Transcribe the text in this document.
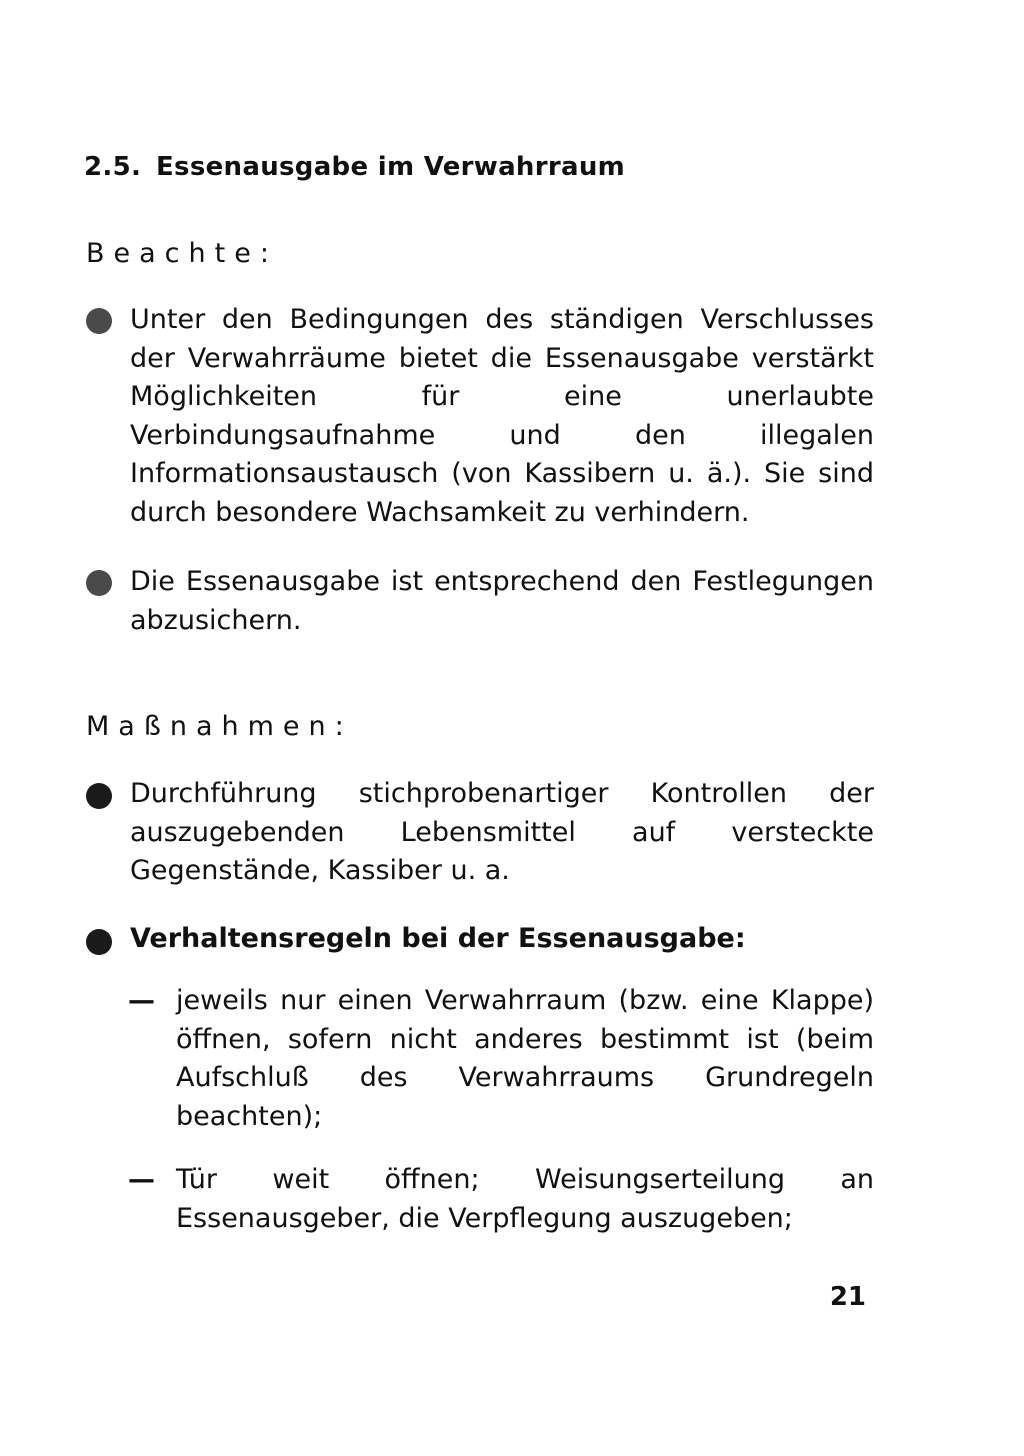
2.5. Essenausgabe im Verwahrraum
Beachte:
Unter den Bedingungen des ständigen Verschlusses der Verwahrräume bietet die Essenausgabe verstärkt Möglichkeiten für eine unerlaubte Verbindungsaufnahme und den illegalen Informationsaustausch (von Kassibern u. ä.). Sie sind durch besondere Wachsamkeit zu verhindern.
Die Essenausgabe ist entsprechend den Festlegungen abzusichern.
Maßnahmen:
Durchführung stichprobenartiger Kontrollen der auszugebenden Lebensmittel auf versteckte Gegenstände, Kassiber u. a.
Verhaltensregeln bei der Essenausgabe:
— jeweils nur einen Verwahrraum (bzw. eine Klappe) öffnen, sofern nicht anderes bestimmt ist (beim Aufschluß des Verwahrraums Grundregeln beachten);
— Tür weit öffnen; Weisungserteilung an Essenausgeber, die Verpflegung auszugeben;
21
